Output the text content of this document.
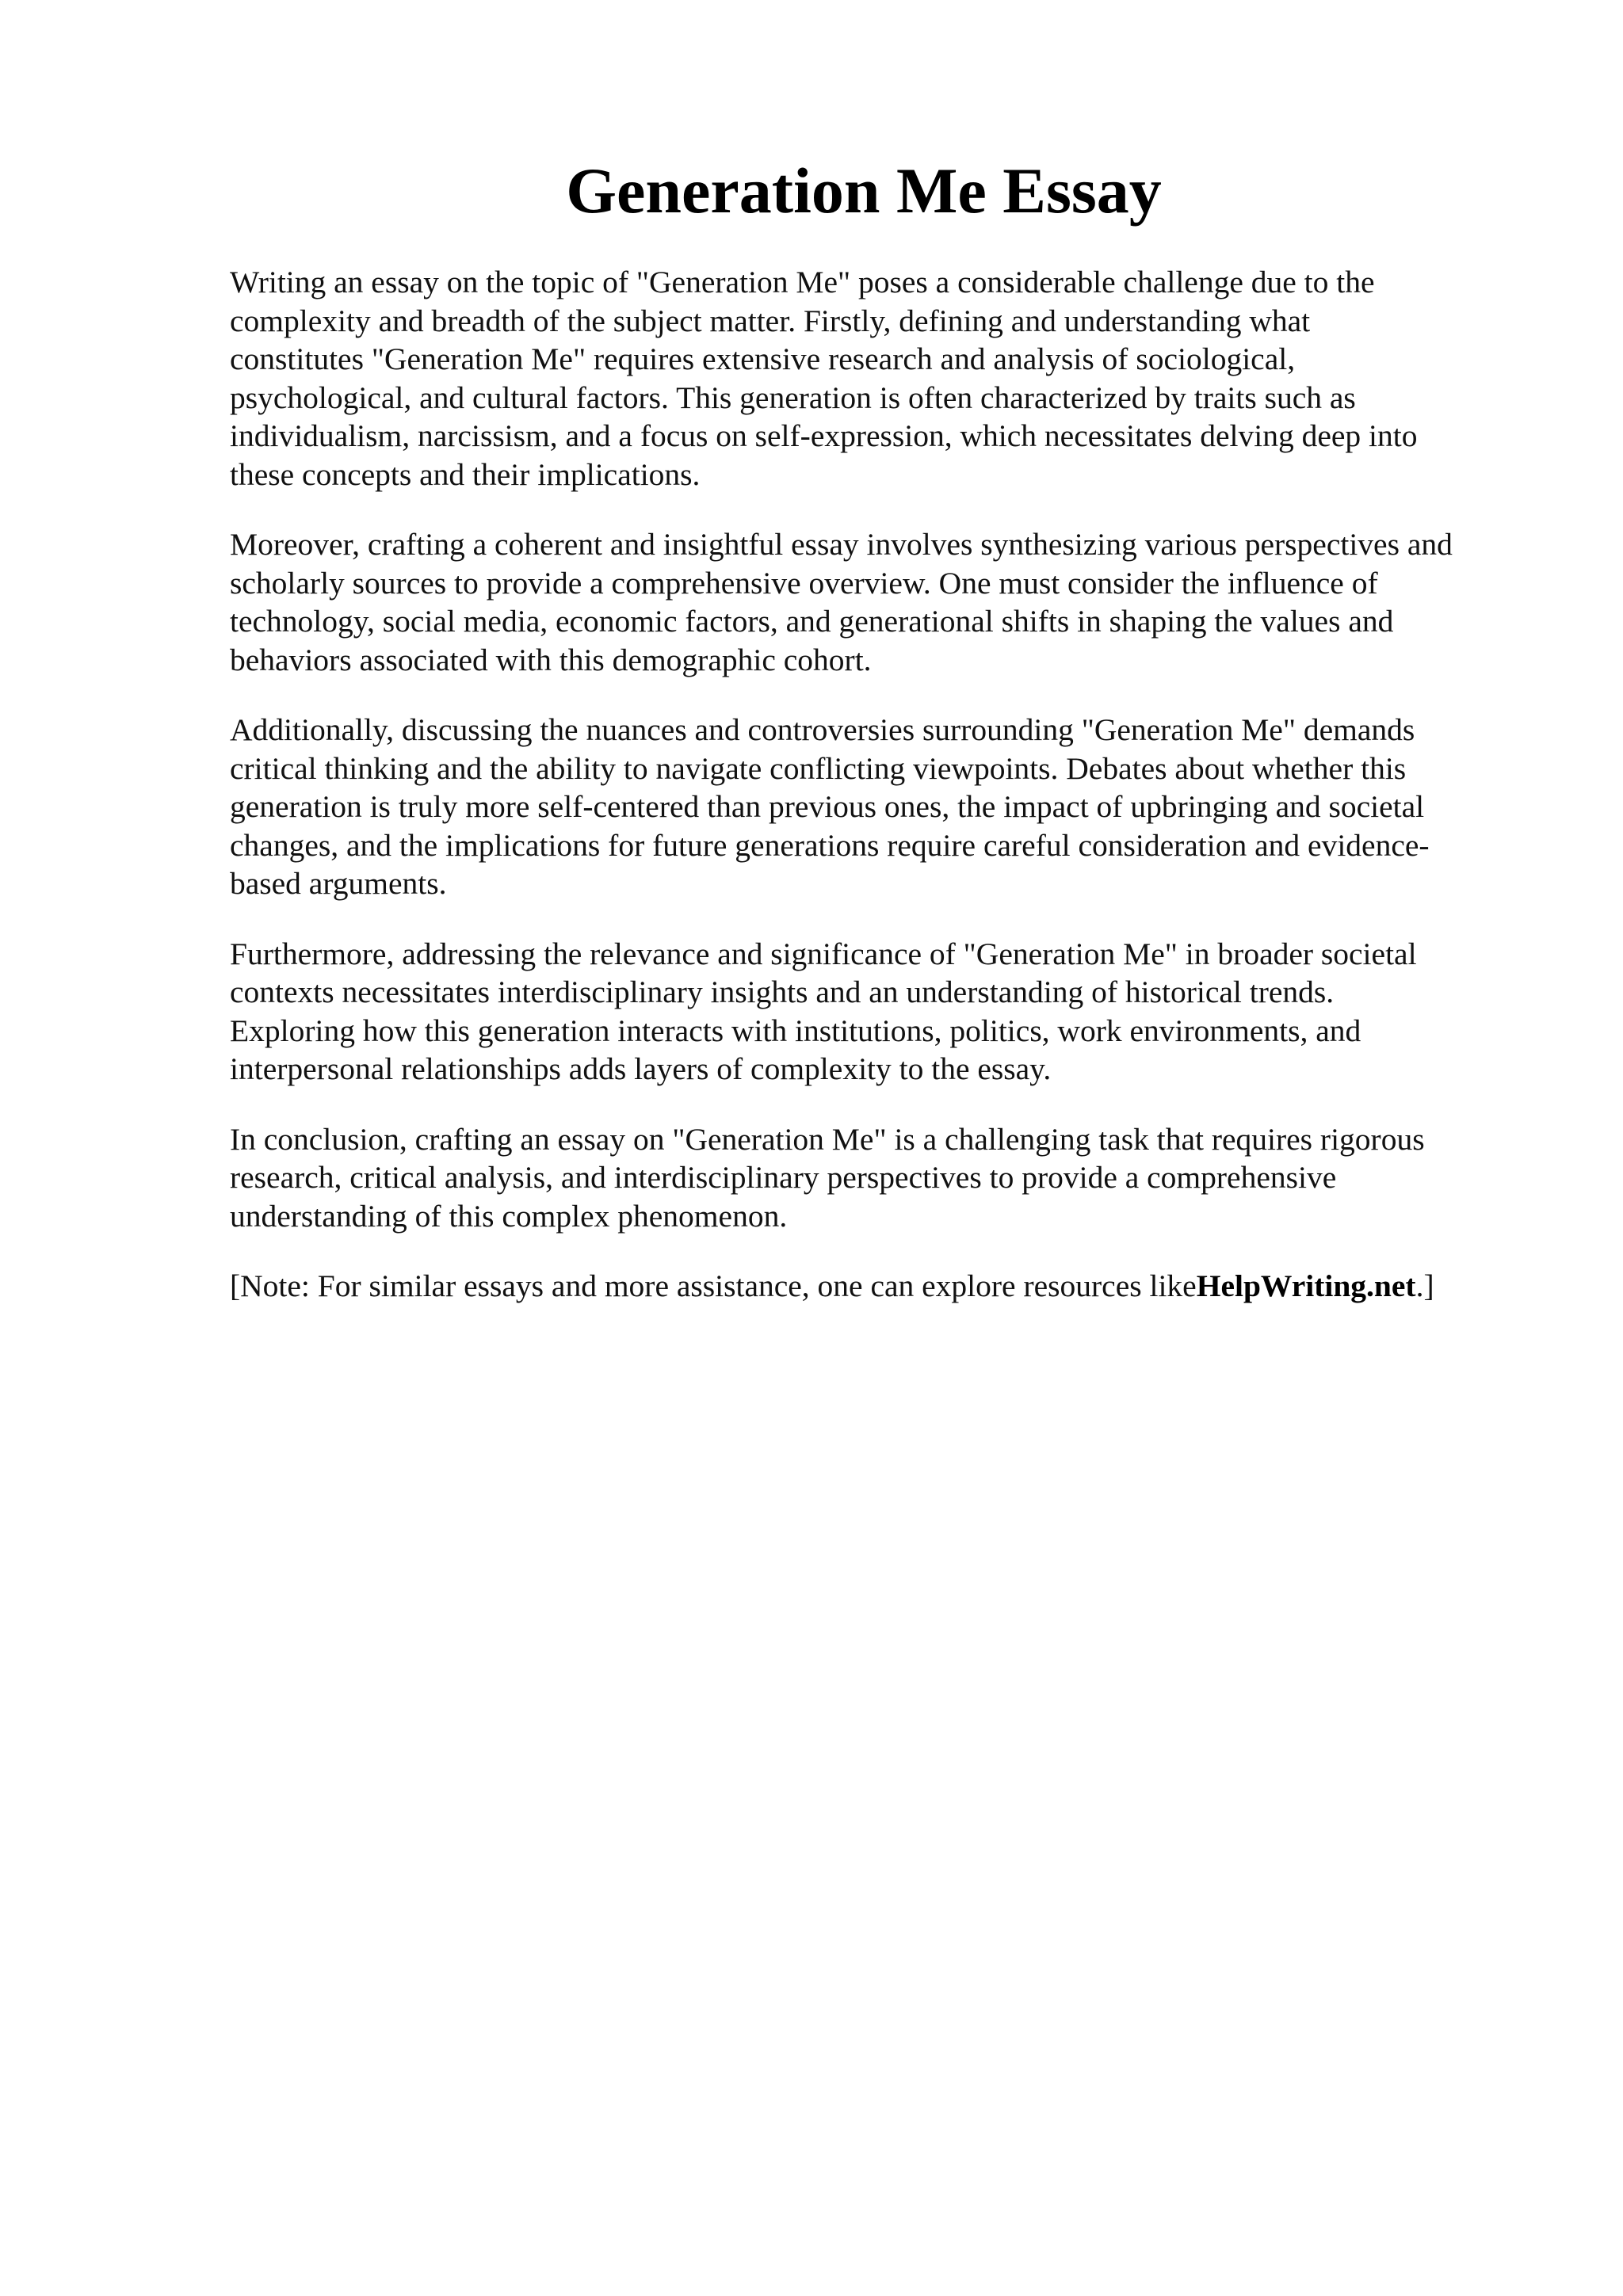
Generation Me Essay

Writing an essay on the topic of "Generation Me" poses a considerable challenge due to the
complexity and breadth of the subject matter. Firstly, defining and understanding what
constitutes "Generation Me" requires extensive research and analysis of sociological,
psychological, and cultural factors. This generation is often characterized by traits such as
individualism, narcissism, and a focus on self-expression, which necessitates delving deep into
these concepts and their implications.

Moreover, crafting a coherent and insightful essay involves synthesizing various perspectives and
scholarly sources to provide a comprehensive overview. One must consider the influence of
technology, social media, economic factors, and generational shifts in shaping the values and
behaviors associated with this demographic cohort.

Additionally, discussing the nuances and controversies surrounding "Generation Me" demands
critical thinking and the ability to navigate conflicting viewpoints. Debates about whether this
generation is truly more self-centered than previous ones, the impact of upbringing and societal
changes, and the implications for future generations require careful consideration and evidence-
based arguments.

Furthermore, addressing the relevance and significance of "Generation Me" in broader societal
contexts necessitates interdisciplinary insights and an understanding of historical trends.
Exploring how this generation interacts with institutions, politics, work environments, and
interpersonal relationships adds layers of complexity to the essay.

In conclusion, crafting an essay on "Generation Me" is a challenging task that requires rigorous
research, critical analysis, and interdisciplinary perspectives to provide a comprehensive
understanding of this complex phenomenon.

[Note: For similar essays and more assistance, one can explore resources likeHelpWriting.net.]
